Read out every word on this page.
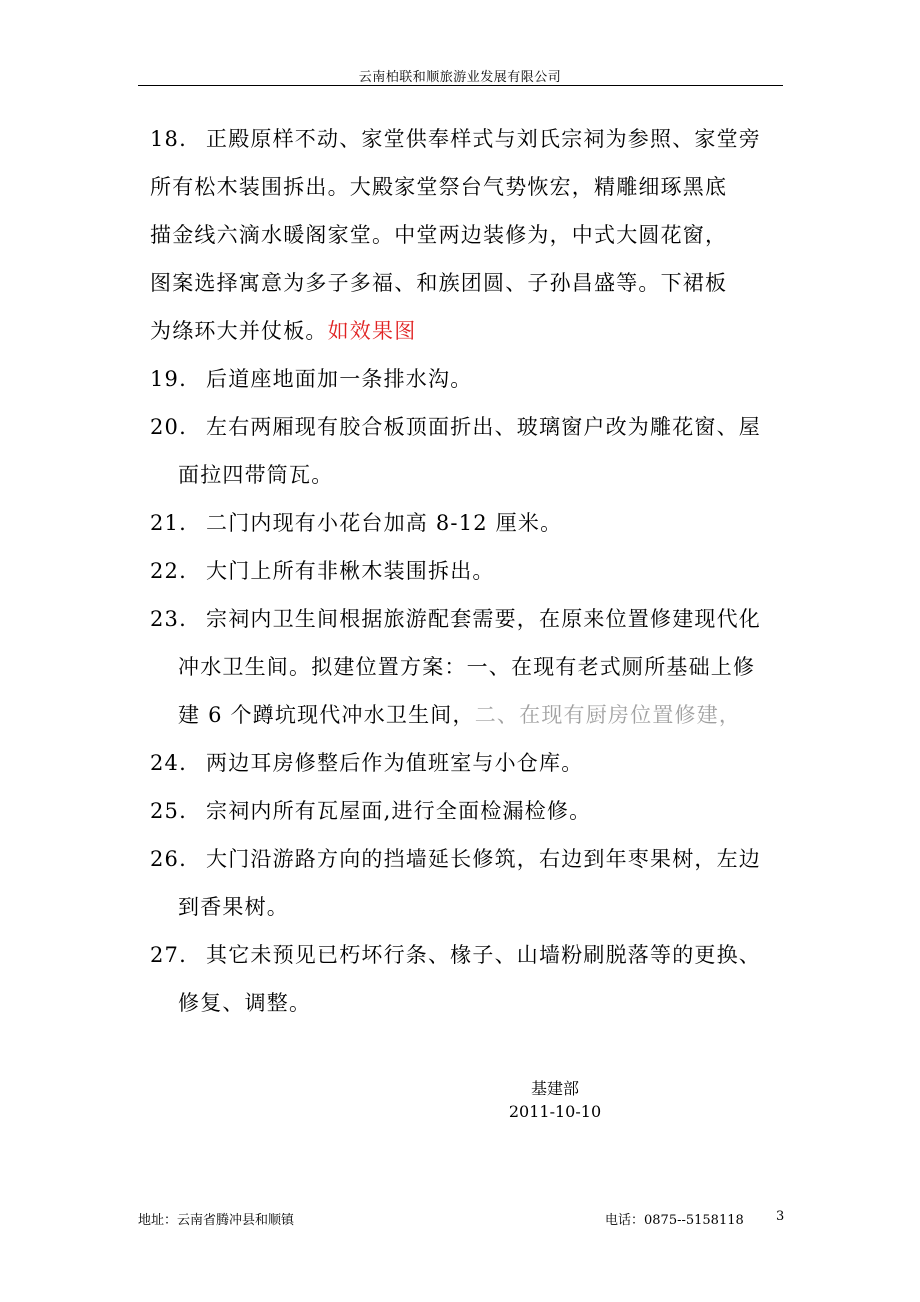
云南柏联和顺旅游业发展有限公司
18. 正殿原样不动、家堂供奉样式与刘氏宗祠为参照、家堂旁
所有松木装围拆出。大殿家堂祭台气势恢宏，精雕细琢黑底
描金线六滴水暖阁家堂。中堂两边装修为，中式大圆花窗，
图案选择寓意为多子多福、和族团圆、子孙昌盛等。下裙板
为绦环大并仗板。如效果图
19. 后道座地面加一条排水沟。
20. 左右两厢现有胶合板顶面折出、玻璃窗户改为雕花窗、屋
面拉四带筒瓦。
21. 二门内现有小花台加高 8-12 厘米。
22. 大门上所有非楸木装围拆出。
23. 宗祠内卫生间根据旅游配套需要，在原来位置修建现代化
冲水卫生间。拟建位置方案：一、在现有老式厕所基础上修
建 6 个蹲坑现代冲水卫生间，二、在现有厨房位置修建，
24. 两边耳房修整后作为值班室与小仓库。
25. 宗祠内所有瓦屋面,进行全面检漏检修。
26. 大门沿游路方向的挡墙延长修筑，右边到年枣果树，左边
到香果树。
27. 其它未预见已朽坏行条、椽子、山墙粉刷脱落等的更换、
修复、调整。
基建部
2011-10-10
地址：云南省腾冲县和顺镇	电话：0875--5158118 3
